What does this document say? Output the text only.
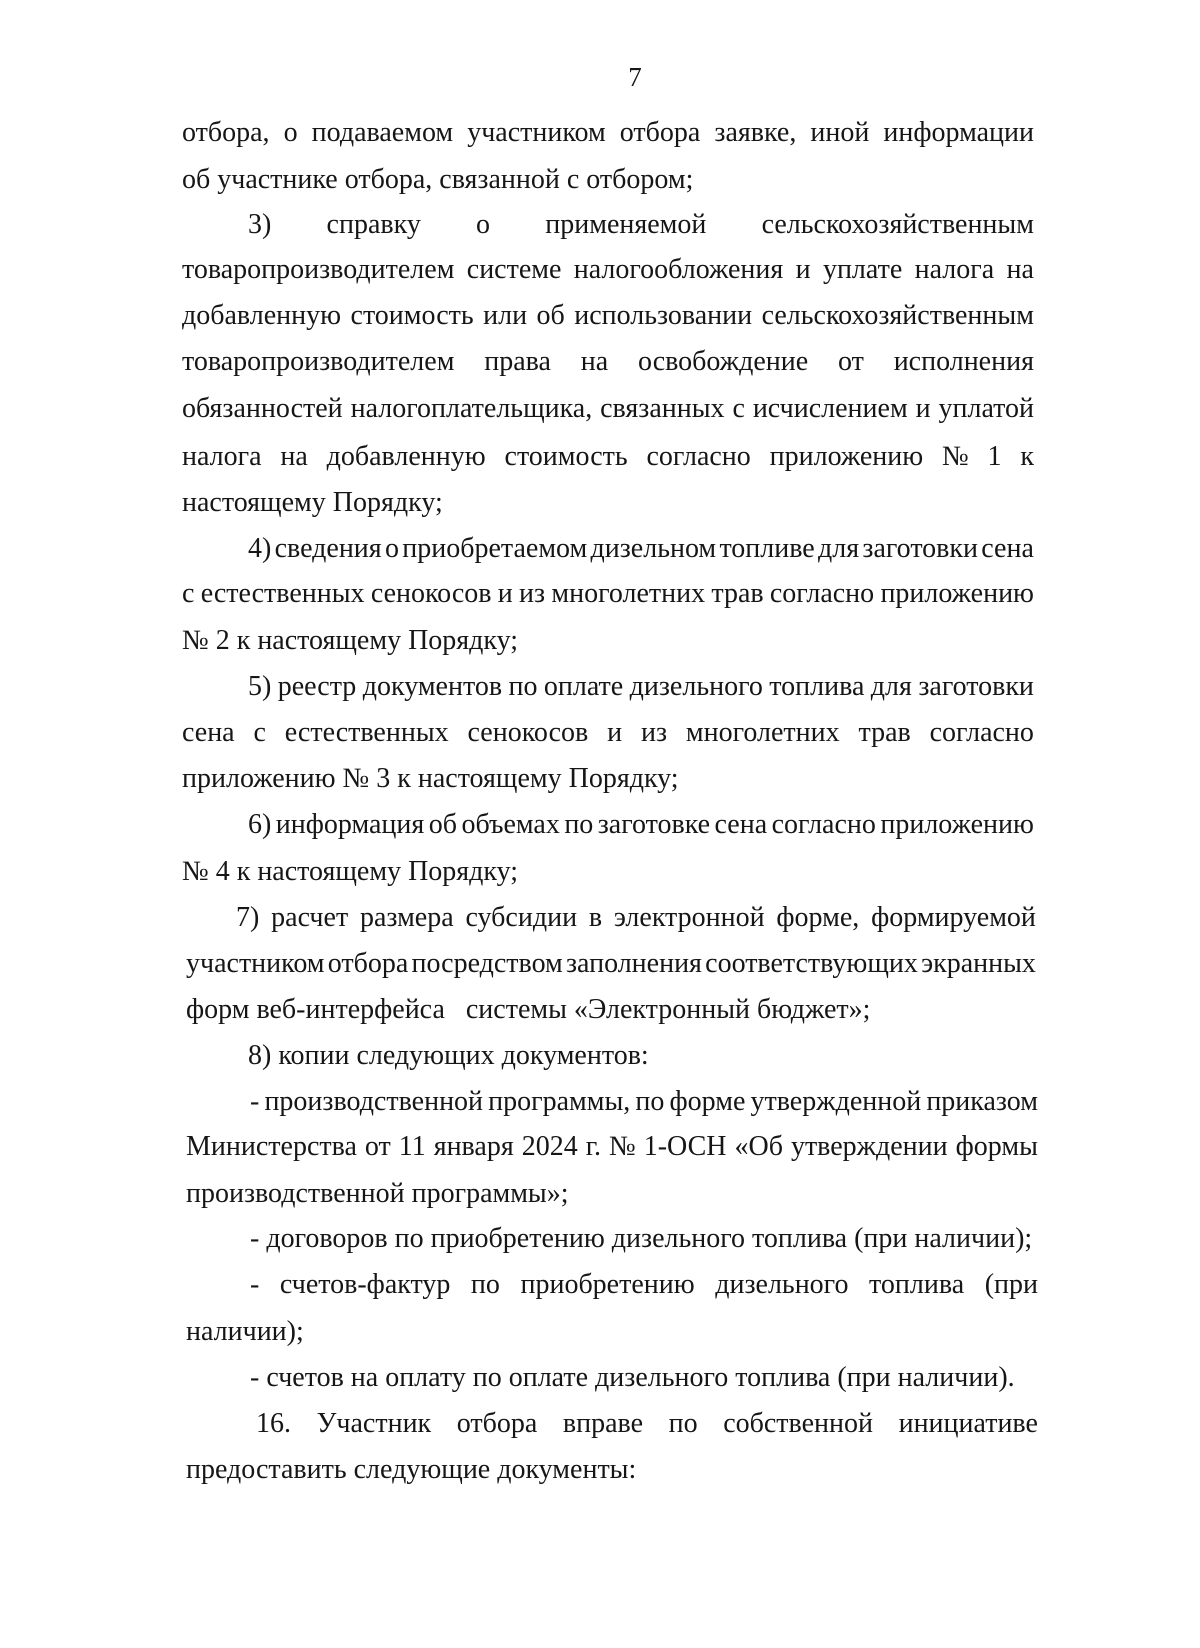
7
отбора, о подаваемом участником отбора заявке, иной информации
об участнике отбора, связанной с отбором;
3) справку о применяемой сельскохозяйственным
товаропроизводителем системе налогообложения и уплате налога на
добавленную стоимость или об использовании сельскохозяйственным
товаропроизводителем права на освобождение от исполнения
обязанностей налогоплательщика, связанных с исчислением и уплатой
налога на добавленную стоимость согласно приложению № 1 к
настоящему Порядку;
4) сведения о приобретаемом дизельном топливе для заготовки сена
с естественных сенокосов и из многолетних трав согласно приложению
№ 2 к настоящему Порядку;
5) реестр документов по оплате дизельного топлива для заготовки
сена с естественных сенокосов и из многолетних трав согласно
приложению № 3 к настоящему Порядку;
6) информация об объемах по заготовке сена согласно приложению
№ 4 к настоящему Порядку;
7) расчет размера субсидии в электронной форме, формируемой
участником отбора посредством заполнения соответствующих экранных
форм веб-интерфейса   системы «Электронный бюджет»;
8) копии следующих документов:
- производственной программы, по форме утвержденной приказом
Министерства от 11 января 2024 г. № 1-ОСН «Об утверждении формы
производственной программы»;
- договоров по приобретению дизельного топлива (при наличии);
- счетов-фактур по приобретению дизельного топлива (при
наличии);
- счетов на оплату по оплате дизельного топлива (при наличии).
16. Участник отбора вправе по собственной инициативе
предоставить следующие документы:
